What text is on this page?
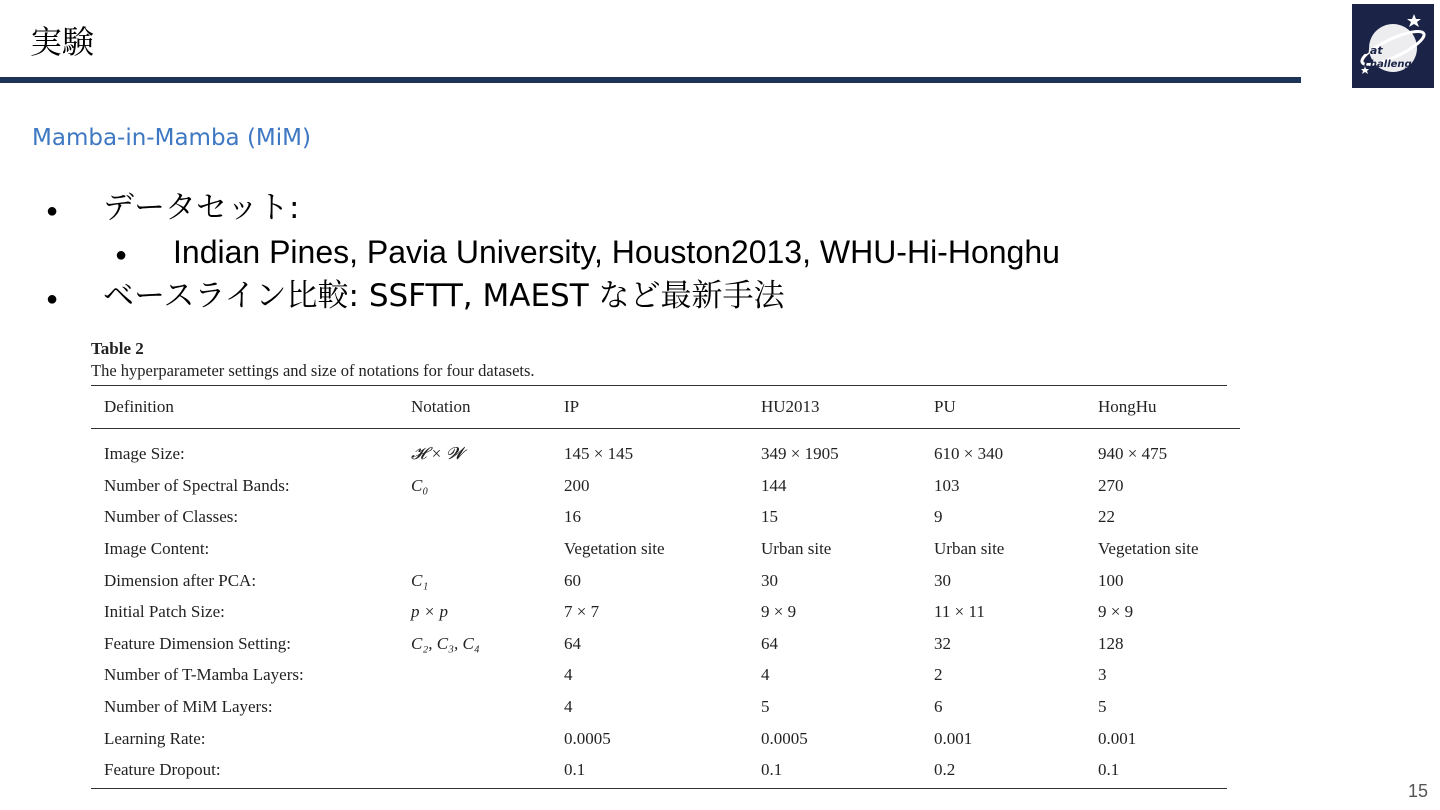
実験	Sat
challenge
Mamba-in-Mamba (MiM)
● データセット:
● Indian Pines, Pavia University, Houston2013, WHU-Hi-Honghu
● ベースライン比較: SSFTT, MAEST など最新手法
Table 2
The hyperparameter settings and size of notations for four datasets.
Definition	Notation	IP	HU2013	PU	HongHu
Image Size:	𝓗 × 𝓦	145 × 145	349 × 1905	610 × 340	940 × 475
Number of Spectral Bands:	C₀	200	144	103	270
Number of Classes:		16	15	9	22
Image Content:		Vegetation site	Urban site	Urban site	Vegetation site
Dimension after PCA:	C₁	60	30	30	100
Initial Patch Size:	p × p	7 × 7	9 × 9	11 × 11	9 × 9
Feature Dimension Setting:	C₂, C₃, C₄	64	64	32	128
Number of T-Mamba Layers:		4	4	2	3
Number of MiM Layers:		4	5	6	5
Learning Rate:		0.0005	0.0005	0.001	0.001
Feature Dropout:		0.1	0.1	0.2	0.1
15
